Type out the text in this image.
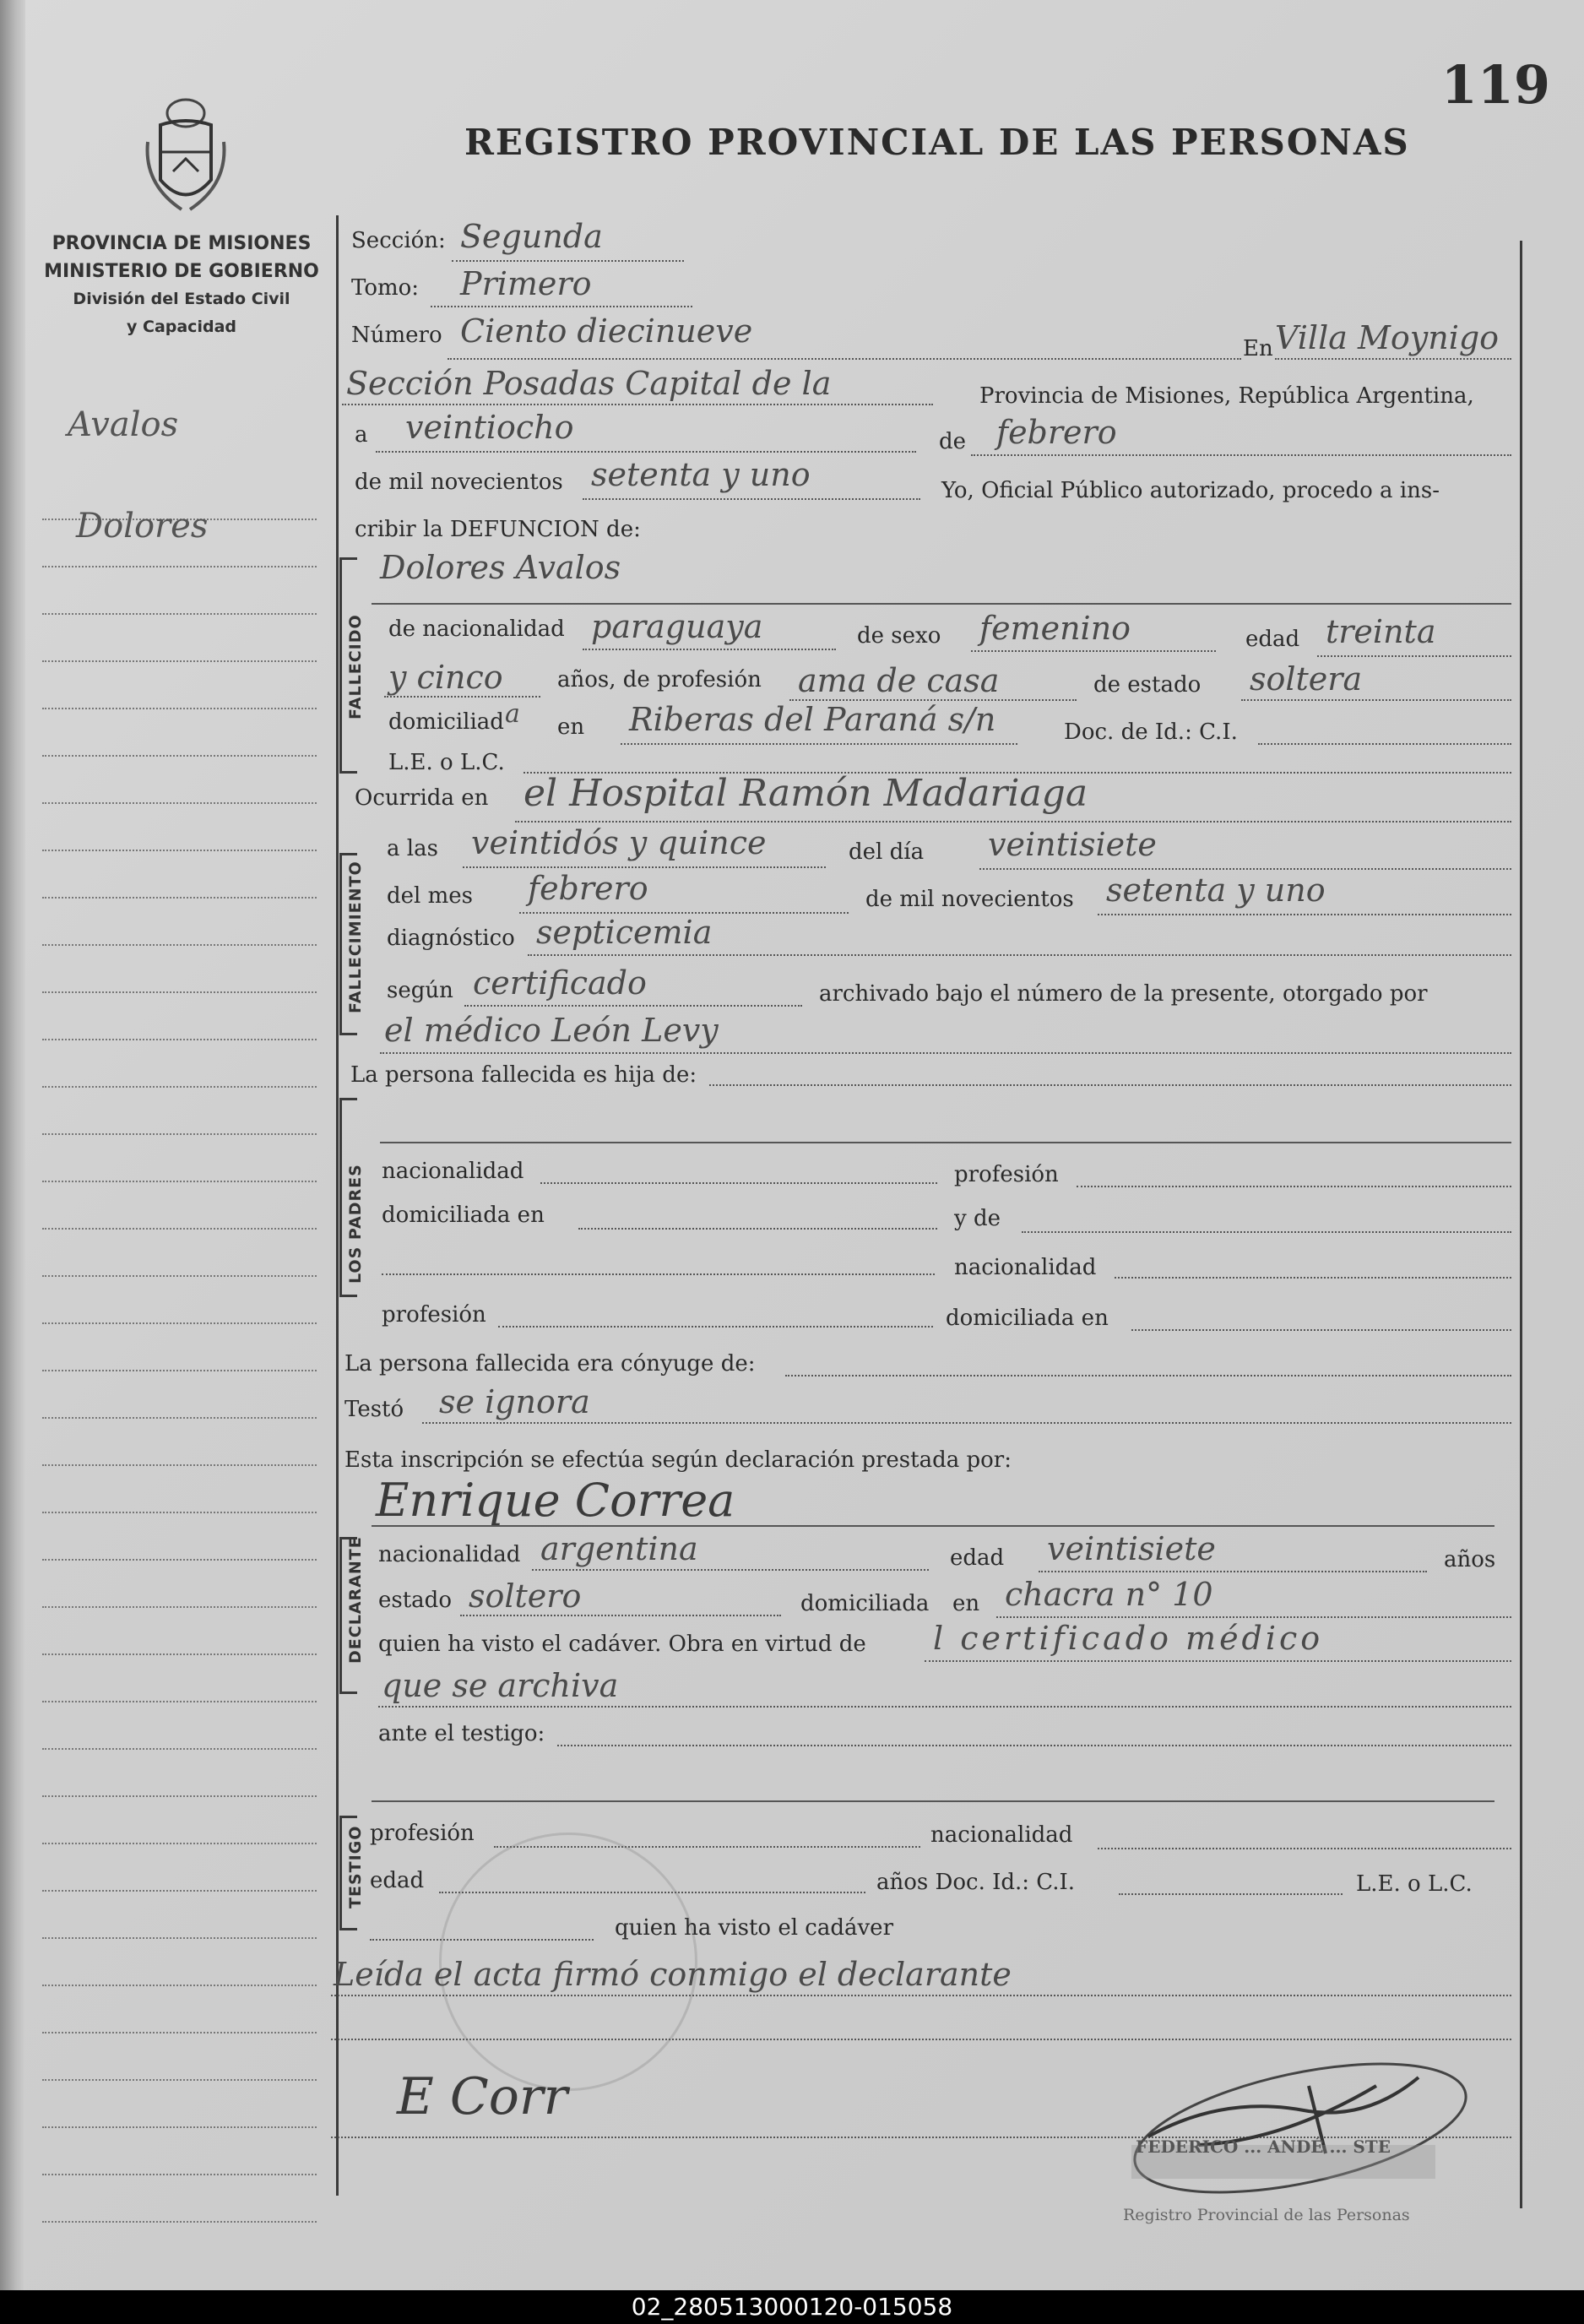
119
REGISTRO PROVINCIAL DE LAS PERSONAS
PROVINCIA DE MISIONES
MINISTERIO DE GOBIERNO
División del Estado Civil
y Capacidad
Avalos
Dolores
Sección: Segunda
Tomo: Primero
Número Ciento diecinueve	En Villa Moynigo
Sección Posadas Capital de la	Provincia de Misiones, República Argentina,
a veintiocho	de febrero
de mil novecientos setenta y uno	Yo, Oficial Público autorizado, procedo a ins-
cribir la DEFUNCION de:
FALLECIDO
Dolores Avalos
de nacionalidad paraguaya	de sexo femenino	edad treinta
y cinco años, de profesión ama de casa	de estado soltera
domiciliad a en Riberas del Paraná s/n	Doc. de Id.: C.I.
L.E. o L.C.
Ocurrida en el Hospital Ramón Madariaga
FALLECIMIENTO
a las veintidós y quince	del día veintisiete
del mes febrero	de mil novecientos setenta y uno
diagnóstico septicemia
según certificado	archivado bajo el número de la presente, otorgado por
el médico León Levy
La persona fallecida es hija de:
LOS PADRES nacionalidad	profesión
domiciliada en	y de
nacionalidad
profesión	domiciliada en
La persona fallecida era cónyuge de:
Testó se ignora
Esta inscripción se efectúa según declaración prestada por:
Enrique Correa
DECLARANTE nacionalidad argentina	edad veintisiete	años
estado soltero	domiciliada en chacra n° 10
quien ha visto el cadáver. Obra en virtud de l certificado médico
que se archiva
ante el testigo:
TESTIGO profesión	nacionalidad
edad	años Doc. Id.: C.I.	L.E. o L.C.
quien ha visto el cadáver
Leída el acta firmó conmigo el declarante
E Corr
FEDERICO ... ANDÉ ... STE
Registro Provincial de las Personas
02_280513000120-015058
